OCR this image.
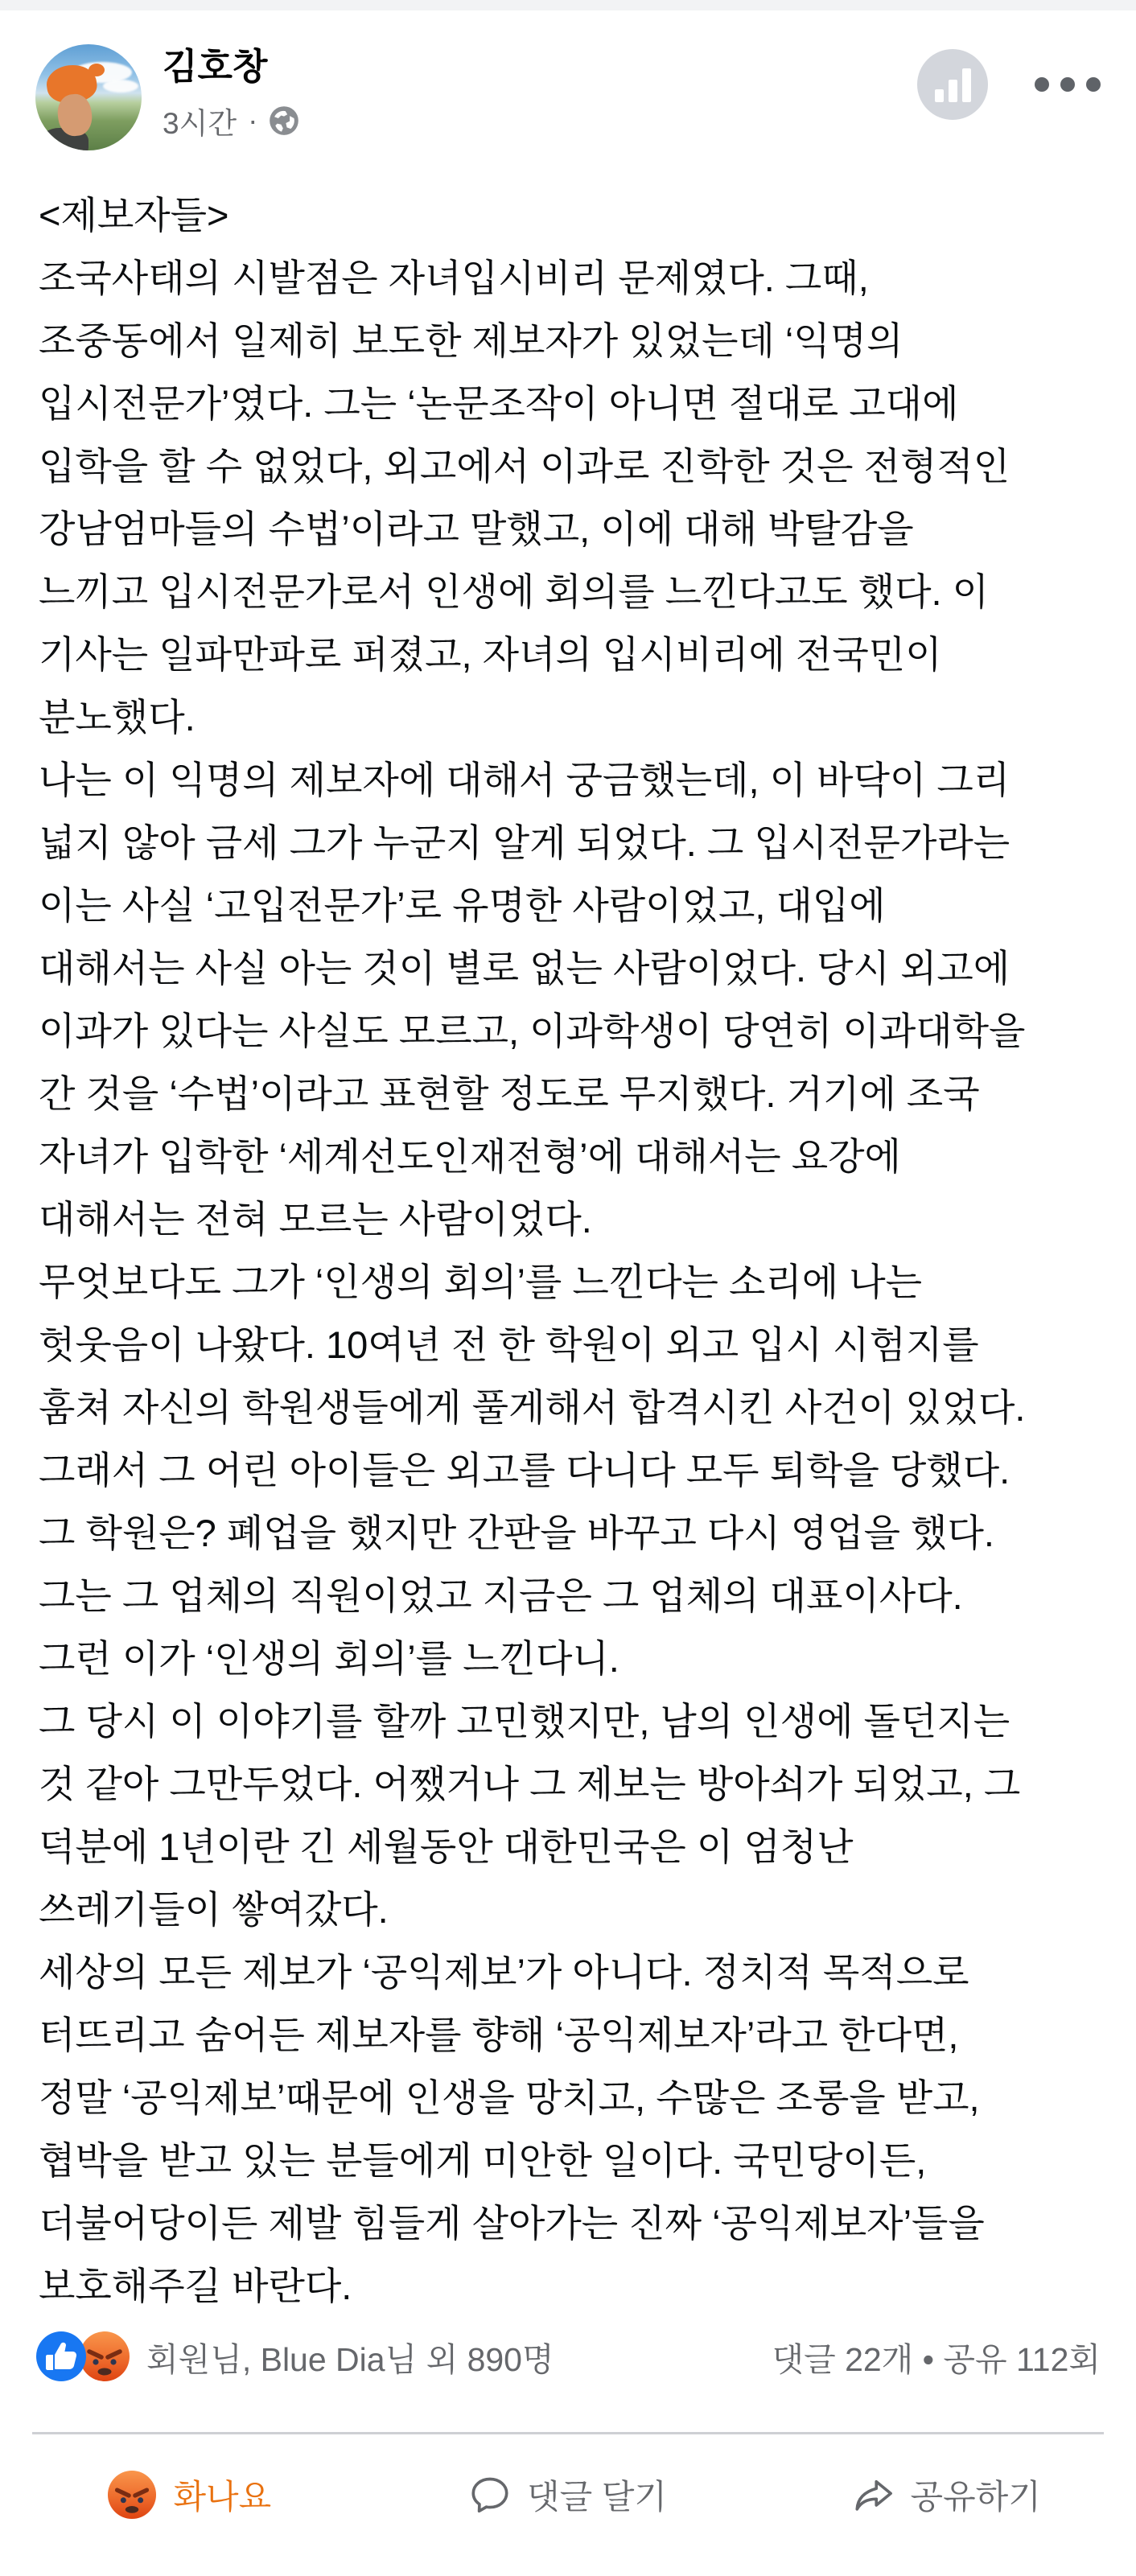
김호창
3시간 ·
<제보자들>
조국사태의 시발점은 자녀입시비리 문제였다. 그때,
조중동에서 일제히 보도한 제보자가 있었는데 ‘익명의
입시전문가’였다. 그는 ‘논문조작이 아니면 절대로 고대에
입학을 할 수 없었다, 외고에서 이과로 진학한 것은 전형적인
강남엄마들의 수법’이라고 말했고, 이에 대해 박탈감을
느끼고 입시전문가로서 인생에 회의를 느낀다고도 했다. 이
기사는 일파만파로 퍼졌고, 자녀의 입시비리에 전국민이
분노했다.
나는 이 익명의 제보자에 대해서 궁금했는데, 이 바닥이 그리
넓지 않아 금세 그가 누군지 알게 되었다. 그 입시전문가라는
이는 사실 ‘고입전문가’로 유명한 사람이었고, 대입에
대해서는 사실 아는 것이 별로 없는 사람이었다. 당시 외고에
이과가 있다는 사실도 모르고, 이과학생이 당연히 이과대학을
간 것을 ‘수법’이라고 표현할 정도로 무지했다. 거기에 조국
자녀가 입학한 ‘세계선도인재전형’에 대해서는 요강에
대해서는 전혀 모르는 사람이었다.
무엇보다도 그가 ‘인생의 회의’를 느낀다는 소리에 나는
헛웃음이 나왔다. 10여년 전 한 학원이 외고 입시 시험지를
훔쳐 자신의 학원생들에게 풀게해서 합격시킨 사건이 있었다.
그래서 그 어린 아이들은 외고를 다니다 모두 퇴학을 당했다.
그 학원은? 폐업을 했지만 간판을 바꾸고 다시 영업을 했다.
그는 그 업체의 직원이었고 지금은 그 업체의 대표이사다.
그런 이가 ‘인생의 회의’를 느낀다니.
그 당시 이 이야기를 할까 고민했지만, 남의 인생에 돌던지는
것 같아 그만두었다. 어쨌거나 그 제보는 방아쇠가 되었고, 그
덕분에 1년이란 긴 세월동안 대한민국은 이 엄청난
쓰레기들이 쌓여갔다.
세상의 모든 제보가 ‘공익제보’가 아니다. 정치적 목적으로
터뜨리고 숨어든 제보자를 향해 ‘공익제보자’라고 한다면,
정말 ‘공익제보’때문에 인생을 망치고, 수많은 조롱을 받고,
협박을 받고 있는 분들에게 미안한 일이다. 국민당이든,
더불어당이든 제발 힘들게 살아가는 진짜 ‘공익제보자’들을
보호해주길 바란다.
회원님, Blue Dia님 외 890명	댓글 22개 • 공유 112회
화나요	댓글 달기	공유하기
